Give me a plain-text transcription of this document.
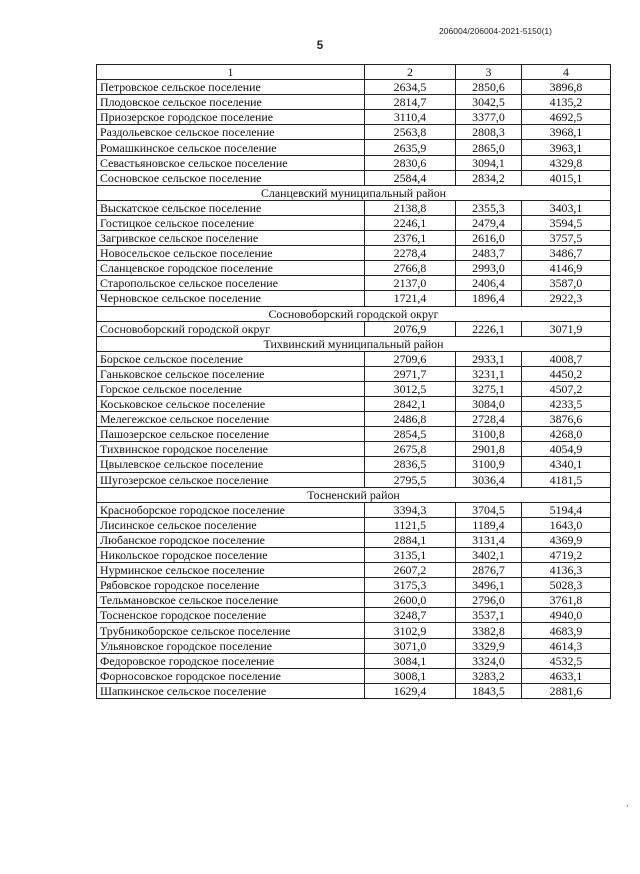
206004/206004-2021-5150(1)
5
1	2	3	4
Петровское сельское поселение	2634,5	2850,6	3896,8
Плодовское сельское поселение	2814,7	3042,5	4135,2
Приозерское городское поселение	3110,4	3377,0	4692,5
Раздольевское сельское поселение	2563,8	2808,3	3968,1
Ромашкинское сельское поселение	2635,9	2865,0	3963,1
Севастьяновское сельское поселение	2830,6	3094,1	4329,8
Сосновское сельское поселение	2584,4	2834,2	4015,1
Сланцевский муниципальный район			
Выскатское сельское поселение	2138,8	2355,3	3403,1
Гостицкое сельское поселение	2246,1	2479,4	3594,5
Загривское сельское поселение	2376,1	2616,0	3757,5
Новосельское сельское поселение	2278,4	2483,7	3486,7
Сланцевское городское поселение	2766,8	2993,0	4146,9
Старопольское сельское поселение	2137,0	2406,4	3587,0
Черновское сельское поселение	1721,4	1896,4	2922,3
Сосновоборский городской округ			
Сосновоборский городской округ	2076,9	2226,1	3071,9
Тихвинский муниципальный район			
Борское сельское поселение	2709,6	2933,1	4008,7
Ганьковское сельское поселение	2971,7	3231,1	4450,2
Горское сельское поселение	3012,5	3275,1	4507,2
Коськовское сельское поселение	2842,1	3084,0	4233,5
Мелегежское сельское поселение	2486,8	2728,4	3876,6
Пашозерское сельское поселение	2854,5	3100,8	4268,0
Тихвинское городское поселение	2675,8	2901,8	4054,9
Цвылевское сельское поселение	2836,5	3100,9	4340,1
Шугозерское сельское поселение	2795,5	3036,4	4181,5
Тосненский район			
Красноборское городское поселение	3394,3	3704,5	5194,4
Лисинское сельское поселение	1121,5	1189,4	1643,0
Любанское городское поселение	2884,1	3131,4	4369,9
Никольское городское поселение	3135,1	3402,1	4719,2
Нурминское сельское поселение	2607,2	2876,7	4136,3
Рябовское городское поселение	3175,3	3496,1	5028,3
Тельмановское сельское поселение	2600,0	2796,0	3761,8
Тосненское городское поселение	3248,7	3537,1	4940,0
Трубникоборское сельское поселение	3102,9	3382,8	4683,9
Ульяновское городское поселение	3071,0	3329,9	4614,3
Федоровское городское поселение	3084,1	3324,0	4532,5
Форносовское городское поселение	3008,1	3283,2	4633,1
Шапкинское сельское поселение	1629,4	1843,5	2881,6
,
